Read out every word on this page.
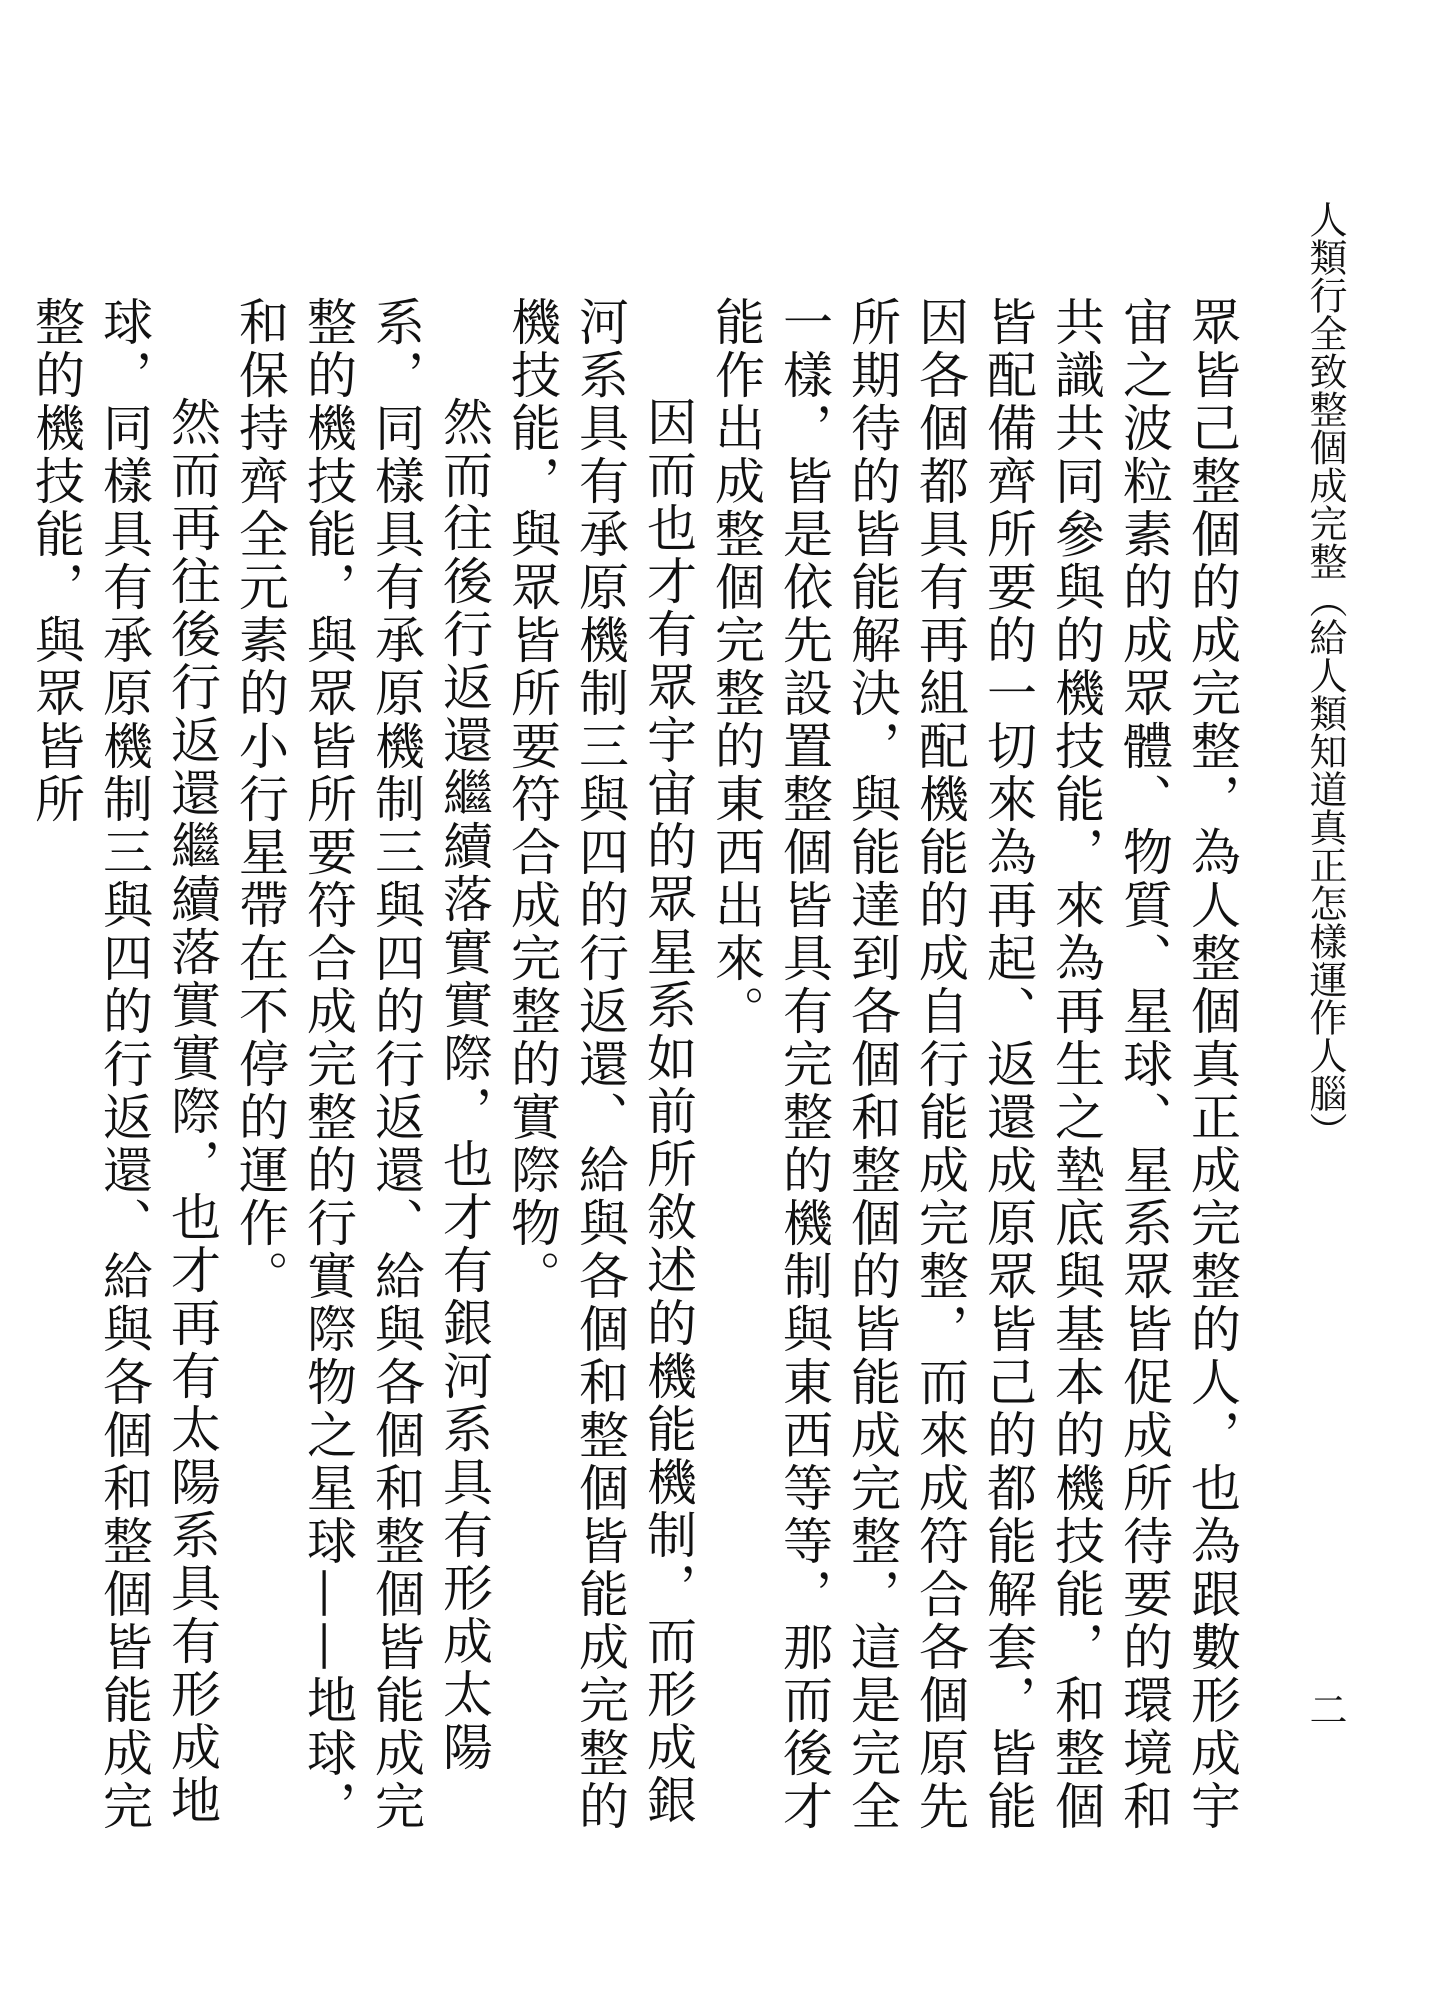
人類行全致整個成完整（給人類知道真正怎樣運作人腦）
二

眾皆己整個的成完整，為人整個真正成完整的人，也為跟數形成宇宙之波粒素的成眾體、物質、星球、星系眾皆促成所待要的環境和共識共同參與的機技能，來為再生之墊底與基本的機技能，和整個皆配備齊所要的一切來為再起、返還成原眾皆己的都能解套，皆能因各個都具有再組配機能的成自行能成完整，而來成符合各個原先所期待的皆能解決，與能達到各個和整個的皆能成完整，這是完全一樣，皆是依先設置整個皆具有完整的機制與東西等等，那而後才能作出成整個完整的東西出來。

因而也才有眾宇宙的眾星系如前所敘述的機能機制，而形成銀河系具有承原機制三與四的行返還、給與各個和整個皆能成完整的機技能，與眾皆所要符合成完整的實際物。

然而往後行返還繼續落實實際，也才有銀河系具有形成太陽系，同樣具有承原機制三與四的行返還、給與各個和整個皆能成完整的機技能，與眾皆所要符合成完整的行實際物之星球——地球，和保持齊全元素的小行星帶在不停的運作。

然而再往後行返還繼續落實實際，也才再有太陽系具有形成地球，同樣具有承原機制三與四的行返還、給與各個和整個皆能成完整的機技能，與眾皆所
